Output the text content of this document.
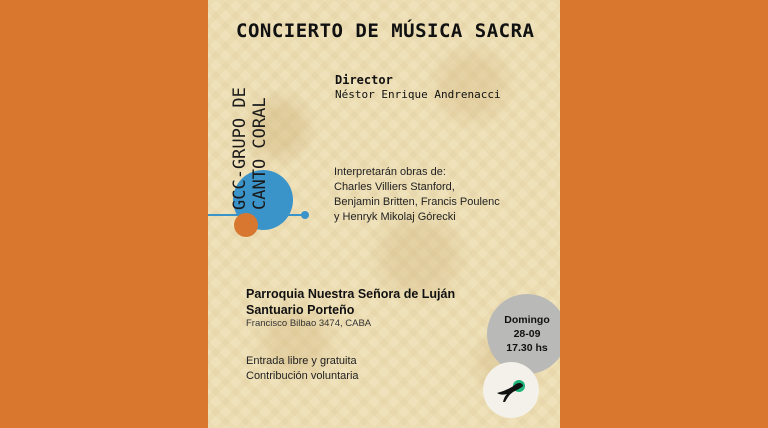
CONCIERTO DE MÚSICA SACRA
GCC-GRUPO DE CANTO CORAL
Director
Néstor Enrique Andrenacci
Interpretarán obras de:
Charles Villiers Stanford,
Benjamin Britten, Francis Poulenc
y Henryk Mikolaj Górecki
Parroquia Nuestra Señora de Luján
Santuario Porteño
Francisco Bilbao 3474, CABA
Entrada libre y gratuita
Contribución voluntaria
Domingo
28-09
17.30 hs
